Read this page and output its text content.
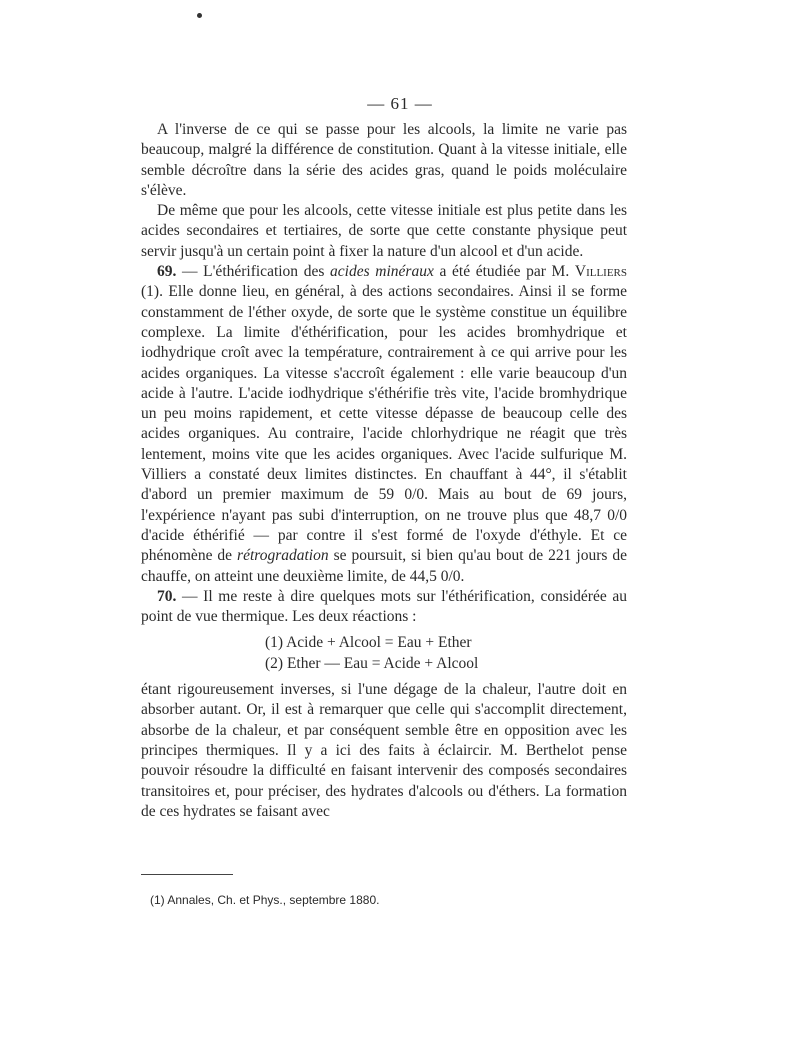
— 61 —

A l'inverse de ce qui se passe pour les alcools, la limite ne varie pas beaucoup, malgré la différence de constitution. Quant à la vitesse initiale, elle semble décroître dans la série des acides gras, quand le poids moléculaire s'élève.

De même que pour les alcools, cette vitesse initiale est plus petite dans les acides secondaires et tertiaires, de sorte que cette constante physique peut servir jusqu'à un certain point à fixer la nature d'un alcool et d'un acide.

69. — L'éthérification des acides minéraux a été étudiée par M. Villiers (1). Elle donne lieu, en général, à des actions secondaires. Ainsi il se forme constamment de l'éther oxyde, de sorte que le système constitue un équilibre complexe. La limite d'éthérification, pour les acides bromhydrique et iodhydrique croît avec la température, contrairement à ce qui arrive pour les acides organiques. La vitesse s'accroît également : elle varie beaucoup d'un acide à l'autre. L'acide iodhydrique s'éthérifie très vite, l'acide bromhydrique un peu moins rapidement, et cette vitesse dépasse de beaucoup celle des acides organiques. Au contraire, l'acide chlorhydrique ne réagit que très lentement, moins vite que les acides organiques. Avec l'acide sulfurique M. Villiers a constaté deux limites distinctes. En chauffant à 44°, il s'établit d'abord un premier maximum de 59 0/0. Mais au bout de 69 jours, l'expérience n'ayant pas subi d'interruption, on ne trouve plus que 48,7 0/0 d'acide éthérifié — par contre il s'est formé de l'oxyde d'éthyle. Et ce phénomène de rétrogradation se poursuit, si bien qu'au bout de 221 jours de chauffe, on atteint une deuxième limite, de 44,5 0/0.

70. — Il me reste à dire quelques mots sur l'éthérification, considérée au point de vue thermique. Les deux réactions :

(1) Acide + Alcool = Eau + Ether
(2) Ether — Eau = Acide + Alcool

étant rigoureusement inverses, si l'une dégage de la chaleur, l'autre doit en absorber autant. Or, il est à remarquer que celle qui s'accomplit directement, absorbe de la chaleur, et par conséquent semble être en opposition avec les principes thermiques. Il y a ici des faits à éclaircir. M. Berthelot pense pouvoir résoudre la difficulté en faisant intervenir des composés secondaires transitoires et, pour préciser, des hydrates d'alcools ou d'éthers. La formation de ces hydrates se faisant avec

(1) Annales, Ch. et Phys., septembre 1880.
